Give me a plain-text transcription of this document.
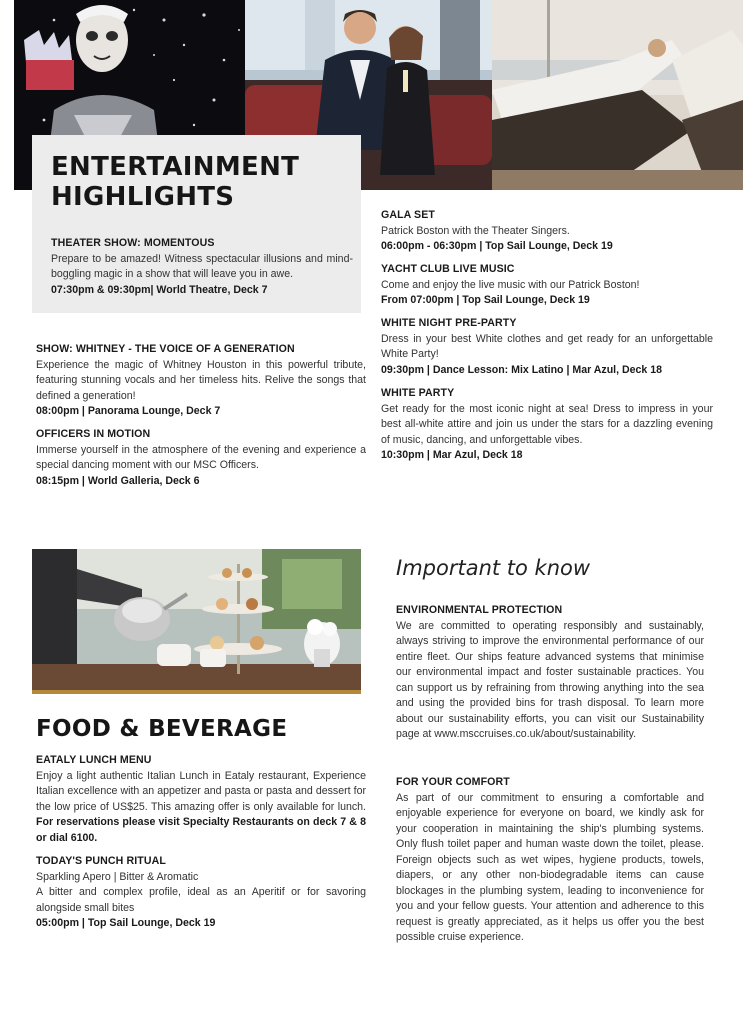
ENTERTAINMENT
HIGHLIGHTS
THEATER SHOW: MOMENTOUS
Prepare to be amazed! Witness spectacular illusions and mind-boggling magic in a show that will leave you in awe.
07:30pm & 09:30pm| World Theatre, Deck 7
SHOW: WHITNEY - THE VOICE OF A GENERATION
Experience the magic of Whitney Houston in this powerful tribute, featuring stunning vocals and her timeless hits. Relive the songs that defined a generation!
08:00pm | Panorama Lounge, Deck 7
OFFICERS IN MOTION
Immerse yourself in the atmosphere of the evening and experience a special dancing moment with our MSC Officers.
08:15pm | World Galleria, Deck 6
GALA SET
Patrick Boston with the Theater Singers.
06:00pm - 06:30pm | Top Sail Lounge, Deck 19
YACHT CLUB LIVE MUSIC
Come and enjoy the live music with our Patrick Boston!
From 07:00pm | Top Sail Lounge, Deck 19
WHITE NIGHT PRE-PARTY
Dress in your best White clothes and get ready for an unforgettable White Party!
09:30pm | Dance Lesson: Mix Latino | Mar Azul, Deck 18
WHITE PARTY
Get ready for the most iconic night at sea! Dress to impress in your best all-white attire and join us under the stars for a dazzling evening of music, dancing, and unforgettable vibes.
10:30pm | Mar Azul, Deck 18
FOOD & BEVERAGE
EATALY LUNCH MENU
Enjoy a light authentic Italian Lunch in Eataly restaurant, Experience Italian excellence with an appetizer and pasta or pasta and dessert for the low price of US$25. This amazing offer is only available for lunch. For reservations please visit Specialty Restaurants on deck 7 & 8 or dial 6100.
TODAY'S PUNCH RITUAL
Sparkling Apero | Bitter & Aromatic
A bitter and complex profile, ideal as an Aperitif or for savoring alongside small bites
05:00pm | Top Sail Lounge, Deck 19
Important to know
ENVIRONMENTAL PROTECTION
We are committed to operating responsibly and sustainably, always striving to improve the environmental performance of our entire fleet. Our ships feature advanced systems that minimise our environmental impact and foster sustainable practices. You can support us by refraining from throwing anything into the sea and using the provided bins for trash disposal. To learn more about our sustainability efforts, you can visit our Sustainability page at www.msccruises.co.uk/about/sustainability.
FOR YOUR COMFORT
As part of our commitment to ensuring a comfortable and enjoyable experience for everyone on board, we kindly ask for your cooperation in maintaining the ship's plumbing systems. Only flush toilet paper and human waste down the toilet, please. Foreign objects such as wet wipes, hygiene products, towels, diapers, or any other non-biodegradable items can cause blockages in the plumbing system, leading to inconvenience for you and your fellow guests. Your attention and adherence to this request is greatly appreciated, as it helps us offer you the best possible cruise experience.
